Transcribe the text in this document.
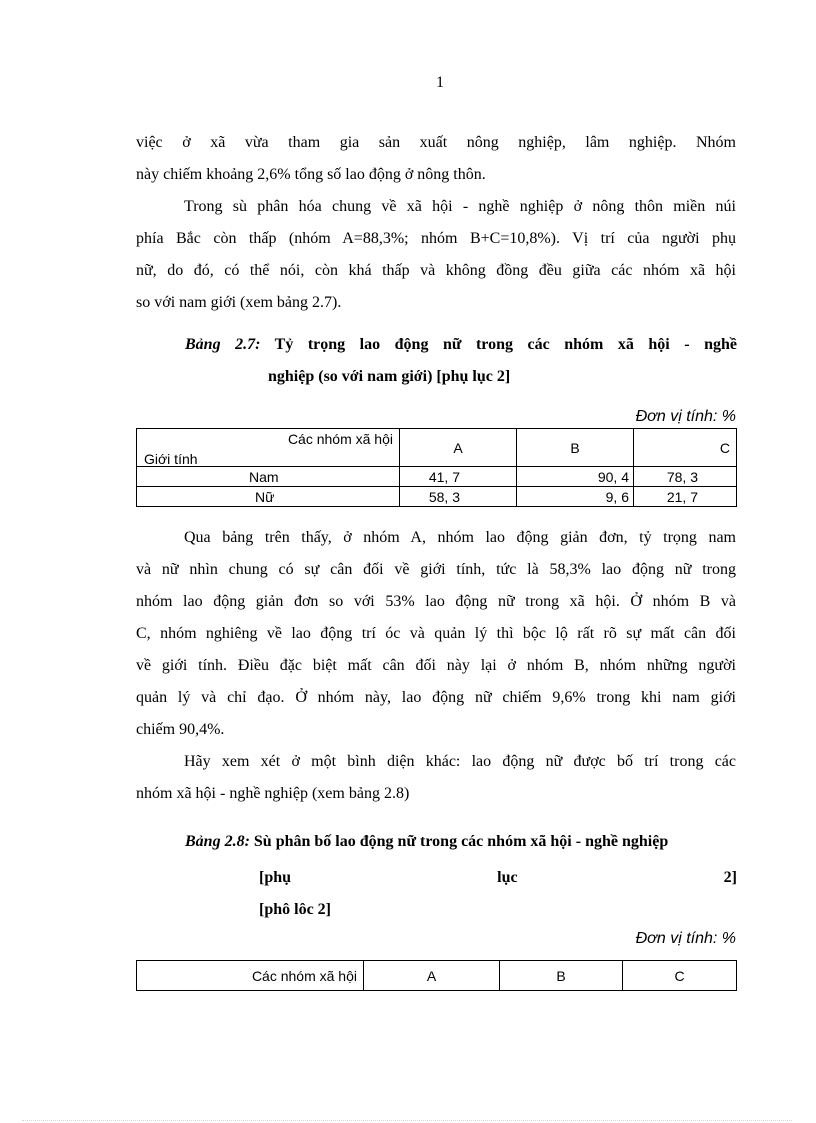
1
việc ở xã vừa tham gia sản xuất nông nghiệp, lâm nghiệp. Nhóm
này chiếm khoảng 2,6% tổng số lao động ở nông thôn.
Trong sù phân hóa chung về xã hội - nghề nghiệp ở nông thôn miền núi
phía Bắc còn thấp (nhóm A=88,3%; nhóm B+C=10,8%). Vị trí của người phụ
nữ, do đó, có thể nói, còn khá thấp và không đồng đều giữa các nhóm xã hội
so với nam giới (xem bảng 2.7).
Bảng 2.7: Tỷ trọng lao động nữ trong các nhóm xã hội - nghề
nghiệp (so với nam giới) [phụ lục 2]
Đơn vị tính: %
Các nhóm xã hội
Giới tính	A	B	C
Nam	41, 7	90, 4	78, 3
Nữ	58, 3	9, 6	21, 7
Qua bảng trên thấy, ở nhóm A, nhóm lao động giản đơn, tỷ trọng nam
và nữ nhìn chung có sự cân đối về giới tính, tức là 58,3% lao động nữ trong
nhóm lao động giản đơn so với 53% lao động nữ trong xã hội. Ở nhóm B và
C, nhóm nghiêng về lao động trí óc và quản lý thì bộc lộ rất rõ sự mất cân đối
về giới tính. Điều đặc biệt mất cân đối này lại ở nhóm B, nhóm những người
quản lý và chỉ đạo. Ở nhóm này, lao động nữ chiếm 9,6% trong khi nam giới
chiếm 90,4%.
Hãy xem xét ở một bình diện khác: lao động nữ được bố trí trong các
nhóm xã hội - nghề nghiệp (xem bảng 2.8)
Bảng 2.8: Sù phân bố lao động nữ trong các nhóm xã hội - nghề nghiệp
[phụ	lục	2]
[phô lôc 2]
Đơn vị tính: %
Các nhóm xã hội	A	B	C
